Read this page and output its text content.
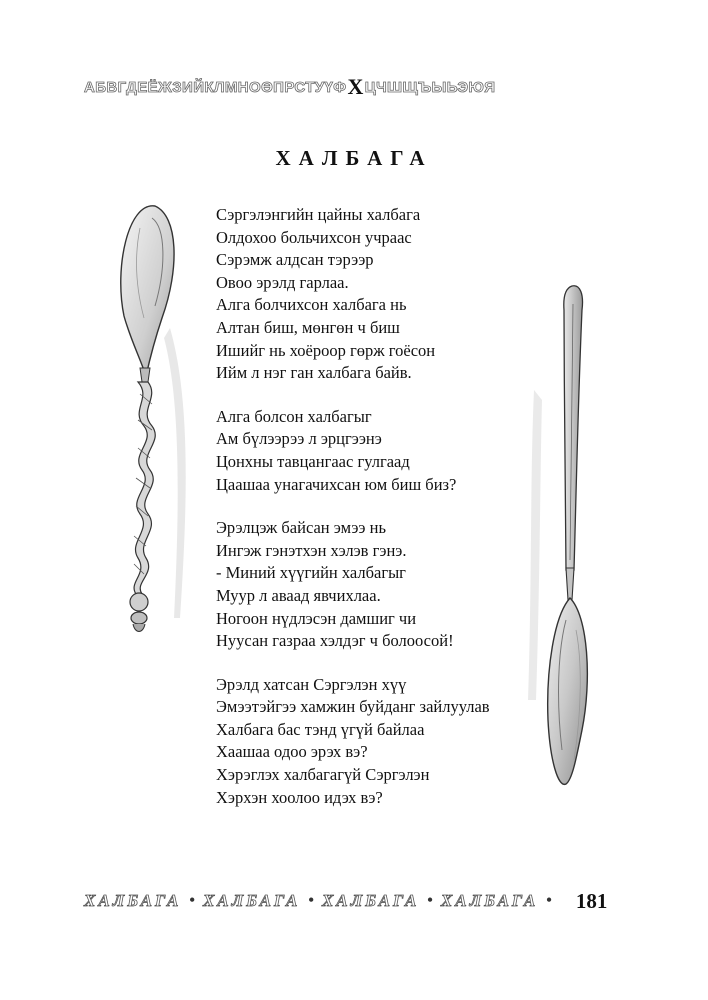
АБВГДЕЁЖЗИЙКЛМНОӨПРСТУҮФ Х ЦЧШЩЪЫЬЭЮЯ
ХАЛБАГА
Сэргэлэнгийн цайны халбага
Олдохоо больчихсон учраас
Сэрэмж алдсан тэрээр
Овоо эрэлд гарлаа.
Алга болчихсон халбага нь
Алтан биш, мөнгөн ч биш
Ишийг нь хоёроор гөрж гоёсон
Ийм л нэг ган халбага байв.
Алга болсон халбагыг
Ам бүлээрээ л эрцгээнэ
Цонхны тавцангаас гулгаад
Цаашаа унагачихсан юм биш биз?
Эрэлцэж байсан эмээ нь
Ингэж гэнэтхэн хэлэв гэнэ.
- Миний хүүгийн халбагыг
Муур л аваад явчихлаа.
Ногоон нүдлэсэн дамшиг чи
Нуусан газраа хэлдэг ч болоосой!
Эрэлд хатсан Сэргэлэн хүү
Эмээтэйгээ хамжин буйданг зайлуулав
Халбага бас тэнд үгүй байлаа
Хаашаа одоо эрэх вэ?
Хэрэглэх халбагагүй Сэргэлэн
Хэрхэн хоолоо идэх вэ?
ХАЛБАГА • ХАЛБАГА • ХАЛБАГА • ХАЛБАГА • 181
